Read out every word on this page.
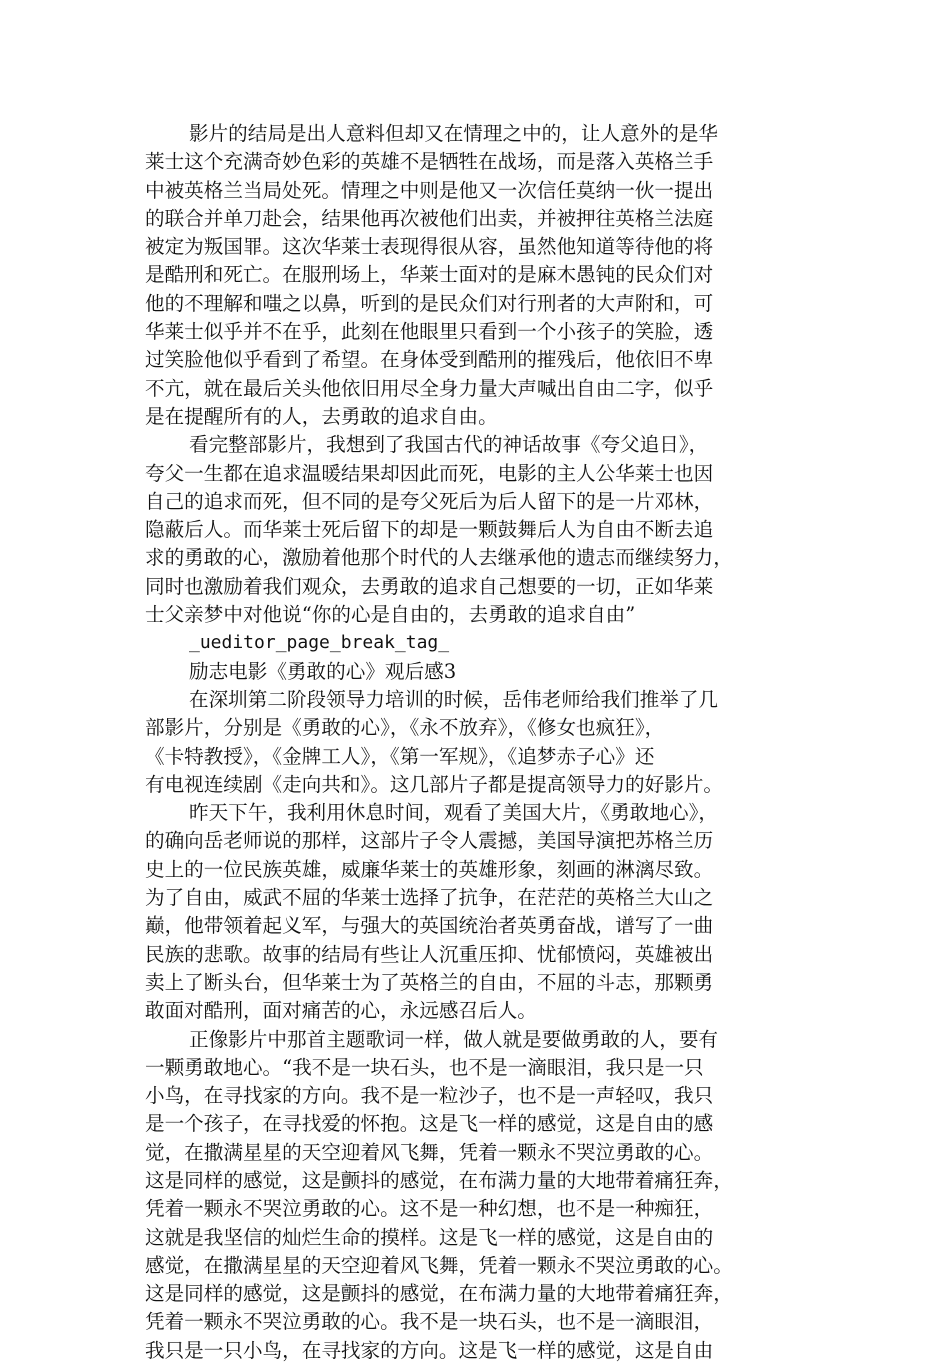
影片的结局是出人意料但却又在情理之中的，让人意外的是华
莱士这个充满奇妙色彩的英雄不是牺牲在战场，而是落入英格兰手
中被英格兰当局处死。情理之中则是他又一次信任莫纳一伙一提出
的联合并单刀赴会，结果他再次被他们出卖，并被押往英格兰法庭
被定为叛国罪。这次华莱士表现得很从容，虽然他知道等待他的将
是酷刑和死亡。在服刑场上，华莱士面对的是麻木愚钝的民众们对
他的不理解和嗤之以鼻，听到的是民众们对行刑者的大声附和，可
华莱士似乎并不在乎，此刻在他眼里只看到一个小孩子的笑脸，透
过笑脸他似乎看到了希望。在身体受到酷刑的摧残后，他依旧不卑
不亢，就在最后关头他依旧用尽全身力量大声喊出自由二字，似乎
是在提醒所有的人，去勇敢的追求自由。
看完整部影片，我想到了我国古代的神话故事《夸父追日》，
夸父一生都在追求温暖结果却因此而死，电影的主人公华莱士也因
自己的追求而死，但不同的是夸父死后为后人留下的是一片邓林，
隐蔽后人。而华莱士死后留下的却是一颗鼓舞后人为自由不断去追
求的勇敢的心，激励着他那个时代的人去继承他的遗志而继续努力，
同时也激励着我们观众，去勇敢的追求自己想要的一切，正如华莱
士父亲梦中对他说“你的心是自由的，去勇敢的追求自由”
_ueditor_page_break_tag_
励志电影《勇敢的心》观后感3
在深圳第二阶段领导力培训的时候，岳伟老师给我们推举了几
部影片，分别是《勇敢的心》，《永不放弃》，《修女也疯狂》，
《卡特教授》，《金牌工人》，《第一军规》，《追梦赤子心》还
有电视连续剧《走向共和》。这几部片子都是提高领导力的好影片。
昨天下午，我利用休息时间，观看了美国大片，《勇敢地心》，
的确向岳老师说的那样，这部片子令人震撼，美国导演把苏格兰历
史上的一位民族英雄，威廉华莱士的英雄形象，刻画的淋漓尽致。
为了自由，威武不屈的华莱士选择了抗争，在茫茫的英格兰大山之
巅，他带领着起义军，与强大的英国统治者英勇奋战，谱写了一曲
民族的悲歌。故事的结局有些让人沉重压抑、忧郁愤闷，英雄被出
卖上了断头台，但华莱士为了英格兰的自由，不屈的斗志，那颗勇
敢面对酷刑，面对痛苦的心，永远感召后人。
正像影片中那首主题歌词一样，做人就是要做勇敢的人，要有
一颗勇敢地心。“我不是一块石头，也不是一滴眼泪，我只是一只
小鸟，在寻找家的方向。我不是一粒沙子，也不是一声轻叹，我只
是一个孩子，在寻找爱的怀抱。这是飞一样的感觉，这是自由的感
觉，在撒满星星的天空迎着风飞舞，凭着一颗永不哭泣勇敢的心。
这是同样的感觉，这是颤抖的感觉，在布满力量的大地带着痛狂奔，
凭着一颗永不哭泣勇敢的心。这不是一种幻想，也不是一种痴狂，
这就是我坚信的灿烂生命的摸样。这是飞一样的感觉，这是自由的
感觉，在撒满星星的天空迎着风飞舞，凭着一颗永不哭泣勇敢的心。
这是同样的感觉，这是颤抖的感觉，在布满力量的大地带着痛狂奔，
凭着一颗永不哭泣勇敢的心。我不是一块石头，也不是一滴眼泪，
我只是一只小鸟，在寻找家的方向。这是飞一样的感觉，这是自由
